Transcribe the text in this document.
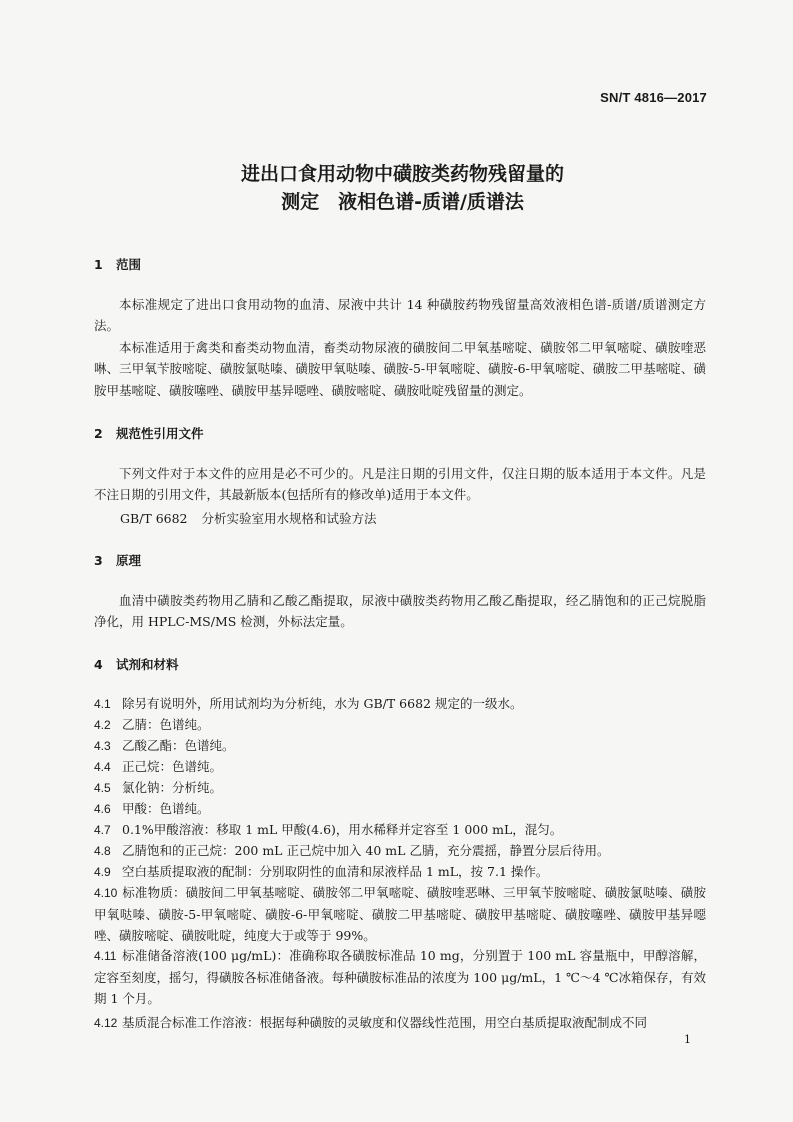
SN/T 4816—2017
进出口食用动物中磺胺类药物残留量的
测定　液相色谱-质谱/质谱法
1 范围
本标准规定了进出口食用动物的血清、尿液中共计 14 种磺胺药物残留量高效液相色谱-质谱/质谱测定方法。
本标准适用于禽类和畜类动物血清，畜类动物尿液的磺胺间二甲氧基嘧啶、磺胺邻二甲氧嘧啶、磺胺喹恶啉、三甲氧苄胺嘧啶、磺胺氯哒嗪、磺胺甲氧哒嗪、磺胺-5-甲氧嘧啶、磺胺-6-甲氧嘧啶、磺胺二甲基嘧啶、磺胺甲基嘧啶、磺胺噻唑、磺胺甲基异噁唑、磺胺嘧啶、磺胺吡啶残留量的测定。
2 规范性引用文件
下列文件对于本文件的应用是必不可少的。凡是注日期的引用文件，仅注日期的版本适用于本文件。凡是不注日期的引用文件，其最新版本(包括所有的修改单)适用于本文件。
GB/T 6682 分析实验室用水规格和试验方法
3 原理
血清中磺胺类药物用乙腈和乙酸乙酯提取，尿液中磺胺类药物用乙酸乙酯提取，经乙腈饱和的正己烷脱脂净化，用 HPLC-MS/MS 检测，外标法定量。
4 试剂和材料
4.1 除另有说明外，所用试剂均为分析纯，水为 GB/T 6682 规定的一级水。
4.2 乙腈：色谱纯。
4.3 乙酸乙酯：色谱纯。
4.4 正己烷：色谱纯。
4.5 氯化钠：分析纯。
4.6 甲酸：色谱纯。
4.7 0.1%甲酸溶液：移取 1 mL 甲酸(4.6)，用水稀释并定容至 1 000 mL，混匀。
4.8 乙腈饱和的正己烷：200 mL 正己烷中加入 40 mL 乙腈，充分震摇，静置分层后待用。
4.9 空白基质提取液的配制：分别取阴性的血清和尿液样品 1 mL，按 7.1 操作。
4.10 标准物质：磺胺间二甲氧基嘧啶、磺胺邻二甲氧嘧啶、磺胺喹恶啉、三甲氧苄胺嘧啶、磺胺氯哒嗪、磺胺甲氧哒嗪、磺胺-5-甲氧嘧啶、磺胺-6-甲氧嘧啶、磺胺二甲基嘧啶、磺胺甲基嘧啶、磺胺噻唑、磺胺甲基异噁唑、磺胺嘧啶、磺胺吡啶，纯度大于或等于 99%。
4.11 标准储备溶液(100 μg/mL)：准确称取各磺胺标准品 10 mg，分别置于 100 mL 容量瓶中，甲醇溶解，定容至刻度，摇匀，得磺胺各标准储备液。每种磺胺标准品的浓度为 100 μg/mL，1 ℃～4 ℃冰箱保存，有效期 1 个月。
4.12 基质混合标准工作溶液：根据每种磺胺的灵敏度和仪器线性范围，用空白基质提取液配制成不同
1
